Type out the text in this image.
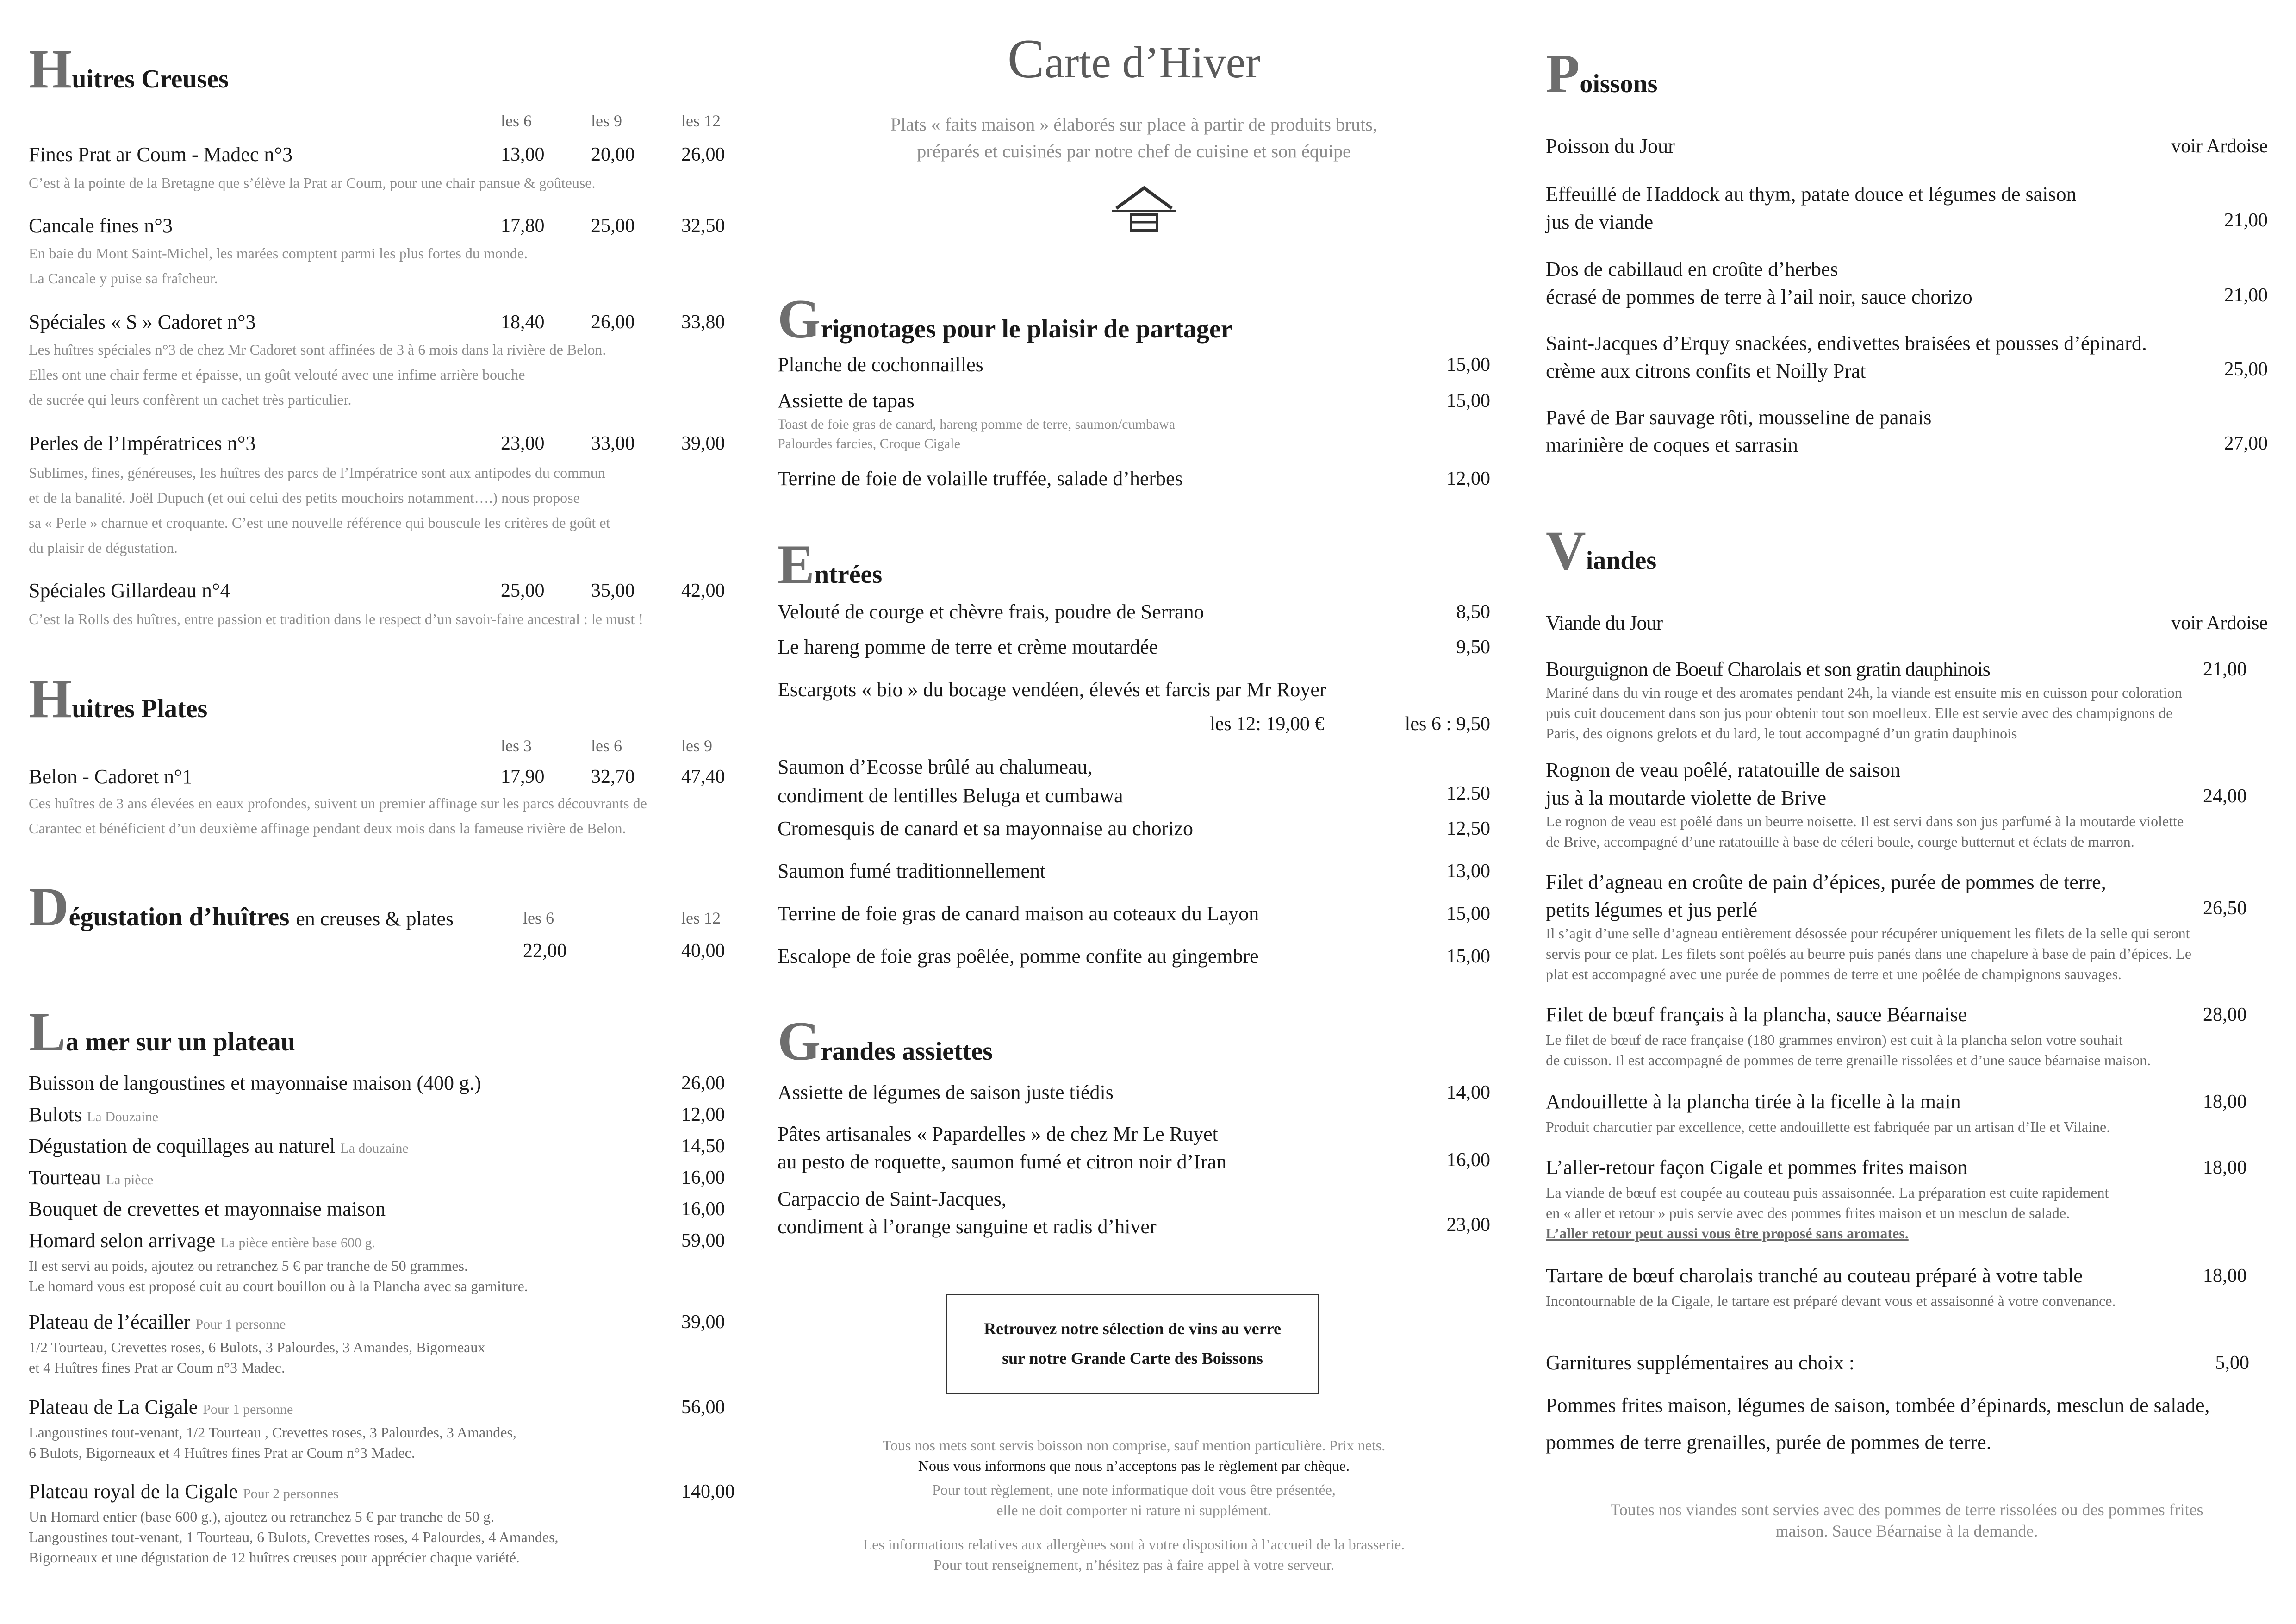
Huitres Creuses
les 6	les 9	les 12
Fines Prat ar Coum - Madec n°3	13,00 20,00 26,00
C’est à la pointe de la Bretagne que s’élève la Prat ar Coum, pour une chair pansue & goûteuse.
Cancale fines n°3	17,80 25,00 32,50
En baie du Mont Saint-Michel, les marées comptent parmi les plus fortes du monde.
La Cancale y puise sa fraîcheur.
Spéciales « S » Cadoret n°3	18,40 26,00 33,80
Les huîtres spéciales n°3 de chez Mr Cadoret sont affinées de 3 à 6 mois dans la rivière de Belon.
Elles ont une chair ferme et épaisse, un goût velouté avec une infime arrière bouche
de sucrée qui leurs confèrent un cachet très particulier.
Perles de l’Impératrices n°3	23,00 33,00 39,00
Sublimes, fines, généreuses, les huîtres des parcs de l’Impératrice sont aux antipodes du commun
et de la banalité. Joël Dupuch (et oui celui des petits mouchoirs notamment….) nous propose
sa « Perle » charnue et croquante. C’est une nouvelle référence qui bouscule les critères de goût et
du plaisir de dégustation.
Spéciales Gillardeau n°4	25,00 35,00 42,00
C’est la Rolls des huîtres, entre passion et tradition dans le respect d’un savoir-faire ancestral : le must !
Huitres Plates
les 3	les 6	les 9
Belon - Cadoret n°1	17,90 32,70 47,40
Ces huîtres de 3 ans élevées en eaux profondes, suivent un premier affinage sur les parcs découvrants de
Carantec et bénéficient d’un deuxième affinage pendant deux mois dans la fameuse rivière de Belon.
Dégustation d’huîtres en creuses & plates	les 6	les 12
22,00	40,00
La mer sur un plateau
Buisson de langoustines et mayonnaise maison (400 g.)	26,00
Bulots La Douzaine	12,00
Dégustation de coquillages au naturel La douzaine	14,50
Tourteau La pièce	16,00
Bouquet de crevettes et mayonnaise maison	16,00
Homard selon arrivage La pièce entière base 600 g.	59,00
Il est servi au poids, ajoutez ou retranchez 5 € par tranche de 50 grammes.
Le homard vous est proposé cuit au court bouillon ou à la Plancha avec sa garniture.
Plateau de l’écailler Pour 1 personne	39,00
1/2 Tourteau, Crevettes roses, 6 Bulots, 3 Palourdes, 3 Amandes, Bigorneaux
et 4 Huîtres fines Prat ar Coum n°3 Madec.
Plateau de La Cigale Pour 1 personne	56,00
Langoustines tout-venant, 1/2 Tourteau , Crevettes roses, 3 Palourdes, 3 Amandes,
6 Bulots, Bigorneaux et 4 Huîtres fines Prat ar Coum n°3 Madec.
Plateau royal de la Cigale Pour 2 personnes	140,00
Un Homard entier (base 600 g.), ajoutez ou retranchez 5 € par tranche de 50 g.
Langoustines tout-venant, 1 Tourteau, 6 Bulots, Crevettes roses, 4 Palourdes, 4 Amandes,
Bigorneaux et une dégustation de 12 huîtres creuses pour apprécier chaque variété.
Carte d’Hiver
Plats « faits maison » élaborés sur place à partir de produits bruts,
préparés et cuisinés par notre chef de cuisine et son équipe
Grignotages pour le plaisir de partager
Planche de cochonnailles	15,00
Assiette de tapas	15,00
Toast de foie gras de canard, hareng pomme de terre, saumon/cumbawa
Palourdes farcies, Croque Cigale
Terrine de foie de volaille truffée, salade d’herbes	12,00
Entrées
Velouté de courge et chèvre frais, poudre de Serrano	8,50
Le hareng pomme de terre et crème moutardée	9,50
Escargots « bio » du bocage vendéen, élevés et farcis par Mr Royer
les 12: 19,00 €	les 6 : 9,50
Saumon d’Ecosse brûlé au chalumeau,
condiment de lentilles Beluga et cumbawa	12.50
Cromesquis de canard et sa mayonnaise au chorizo	12,50
Saumon fumé traditionnellement	13,00
Terrine de foie gras de canard maison au coteaux du Layon	15,00
Escalope de foie gras poêlée, pomme confite au gingembre	15,00
Grandes assiettes
Assiette de légumes de saison juste tiédis	14,00
Pâtes artisanales « Papardelles » de chez Mr Le Ruyet
au pesto de roquette, saumon fumé et citron noir d’Iran	16,00
Carpaccio de Saint-Jacques,
condiment à l’orange sanguine et radis d’hiver	23,00
Retrouvez notre sélection de vins au verre
sur notre Grande Carte des Boissons
Tous nos mets sont servis boisson non comprise, sauf mention particulière. Prix nets.
Nous vous informons que nous n’acceptons pas le règlement par chèque.
Pour tout règlement, une note informatique doit vous être présentée,
elle ne doit comporter ni rature ni supplément.
Les informations relatives aux allergènes sont à votre disposition à l’accueil de la brasserie.
Pour tout renseignement, n’hésitez pas à faire appel à votre serveur.
Poissons
Poisson du Jour	voir Ardoise
Effeuillé de Haddock au thym, patate douce et légumes de saison
jus de viande	21,00
Dos de cabillaud en croûte d’herbes
écrasé de pommes de terre à l’ail noir, sauce chorizo	21,00
Saint-Jacques d’Erquy snackées, endivettes braisées et pousses d’épinard.
crème aux citrons confits et Noilly Prat	25,00
Pavé de Bar sauvage rôti, mousseline de panais
marinière de coques et sarrasin	27,00
Viandes
Viande du Jour	voir Ardoise
Bourguignon de Boeuf Charolais et son gratin dauphinois	21,00
Mariné dans du vin rouge et des aromates pendant 24h, la viande est ensuite mis en cuisson pour coloration
puis cuit doucement dans son jus pour obtenir tout son moelleux. Elle est servie avec des champignons de
Paris, des oignons grelots et du lard, le tout accompagné d’un gratin dauphinois
Rognon de veau poêlé, ratatouille de saison
jus à la moutarde violette de Brive	24,00
Le rognon de veau est poêlé dans un beurre noisette. Il est servi dans son jus parfumé à la moutarde violette
de Brive, accompagné d’une ratatouille à base de céleri boule, courge butternut et éclats de marron.
Filet d’agneau en croûte de pain d’épices, purée de pommes de terre,
petits légumes et jus perlé	26,50
Il s’agit d’une selle d’agneau entièrement désossée pour récupérer uniquement les filets de la selle qui seront
servis pour ce plat. Les filets sont poêlés au beurre puis panés dans une chapelure à base de pain d’épices. Le
plat est accompagné avec une purée de pommes de terre et une poêlée de champignons sauvages.
Filet de bœuf français à la plancha, sauce Béarnaise	28,00
Le filet de bœuf de race française (180 grammes environ) est cuit à la plancha selon votre souhait
de cuisson. Il est accompagné de pommes de terre grenaille rissolées et d’une sauce béarnaise maison.
Andouillette à la plancha tirée à la ficelle à la main	18,00
Produit charcutier par excellence, cette andouillette est fabriquée par un artisan d’Ile et Vilaine.
L’aller-retour façon Cigale et pommes frites maison	18,00
La viande de bœuf est coupée au couteau puis assaisonnée. La préparation est cuite rapidement
en « aller et retour » puis servie avec des pommes frites maison et un mesclun de salade.
L’aller retour peut aussi vous être proposé sans aromates.
Tartare de bœuf charolais tranché au couteau préparé à votre table	18,00
Incontournable de la Cigale, le tartare est préparé devant vous et assaisonné à votre convenance.
Garnitures supplémentaires au choix :	5,00
Pommes frites maison, légumes de saison, tombée d’épinards, mesclun de salade,
pommes de terre grenailles, purée de pommes de terre.
Toutes nos viandes sont servies avec des pommes de terre rissolées ou des pommes frites
maison. Sauce Béarnaise à la demande.
